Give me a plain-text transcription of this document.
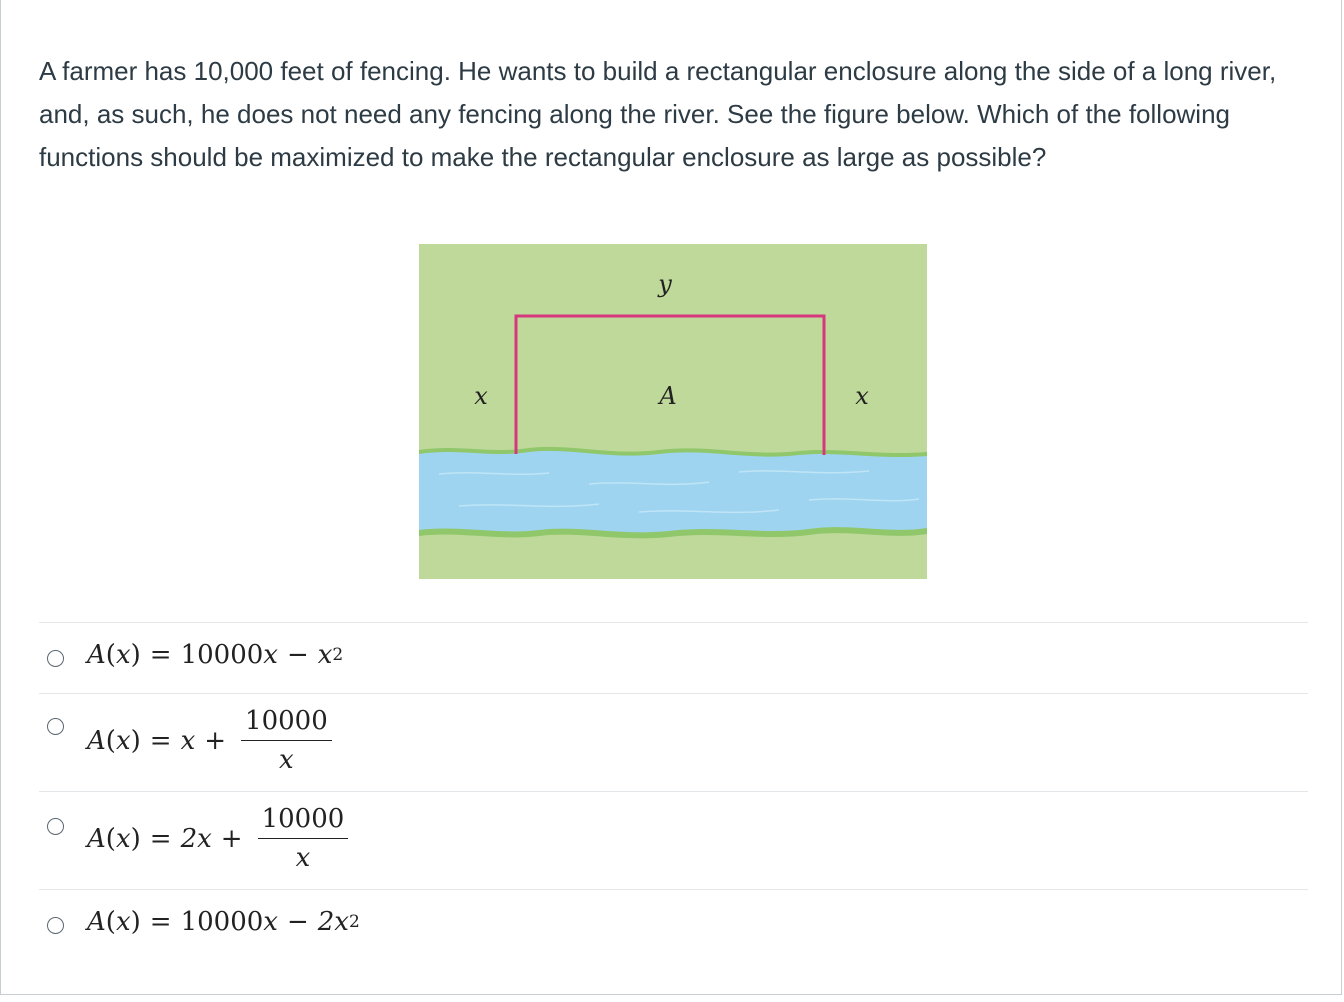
A farmer has 10,000 feet of fencing. He wants to build a rectangular enclosure along the side of a long river, and, as such, he does not need any fencing along the river. See the figure below. Which of the following functions should be maximized to make the rectangular enclosure as large as possible?

y
x	A	x
A ( x ) = 10000 x − x 2
A ( x ) = $x + \frac{10000}{x}$
A ( x ) = $2x + \frac{10000}{x}$
A ( x ) = 10000 x − 2x 2
